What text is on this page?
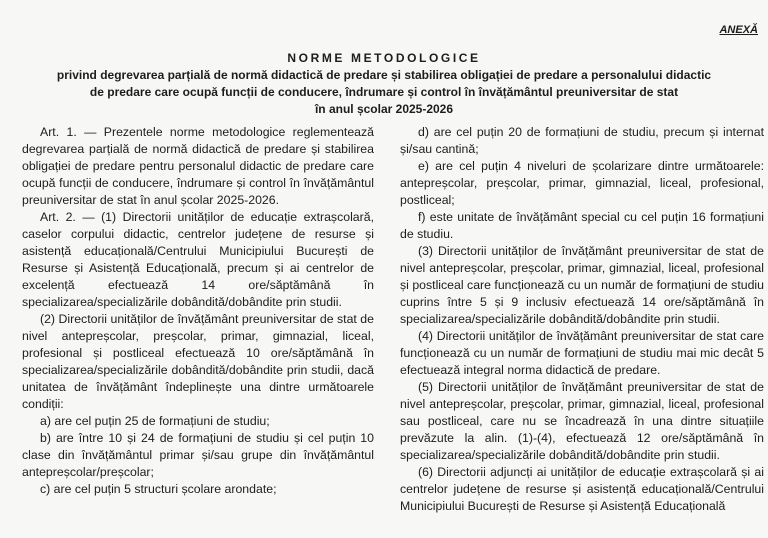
ANEXĂ
NORME METODOLOGICE
privind degrevarea parțială de normă didactică de predare și stabilirea obligației de predare a personalului didactic
de predare care ocupă funcții de conducere, îndrumare și control în învățământul preuniversitar de stat
în anul școlar 2025-2026

Art. 1. — Prezentele norme metodologice reglementează degrevarea parțială de normă didactică de predare și stabilirea obligației de predare pentru personalul didactic de predare care ocupă funcții de conducere, îndrumare și control în învățământul preuniversitar de stat în anul școlar 2025-2026.

Art. 2. — (1) Directorii unităților de educație extrașcolară, caselor corpului didactic, centrelor județene de resurse și asistență educațională/Centrului Municipiului București de Resurse și Asistență Educațională, precum și ai centrelor de excelență efectuează 14 ore/săptămână în specializarea/specializările dobândită/dobândite prin studii.

(2) Directorii unităților de învățământ preuniversitar de stat de nivel antepreșcolar, preșcolar, primar, gimnazial, liceal, profesional și postliceal efectuează 10 ore/săptămână în specializarea/specializările dobândită/dobândite prin studii, dacă unitatea de învățământ îndeplinește una dintre următoarele condiții:

a) are cel puțin 25 de formațiuni de studiu;

b) are între 10 și 24 de formațiuni de studiu și cel puțin 10 clase din învățământul primar și/sau grupe din învățământul antepreșcolar/preșcolar;

c) are cel puțin 5 structuri școlare arondate;

d) are cel puțin 20 de formațiuni de studiu, precum și internat și/sau cantină;

e) are cel puțin 4 niveluri de școlarizare dintre următoarele: antepreșcolar, preșcolar, primar, gimnazial, liceal, profesional, postliceal;

f) este unitate de învățământ special cu cel puțin 16 formațiuni de studiu.

(3) Directorii unităților de învățământ preuniversitar de stat de nivel antepreșcolar, preșcolar, primar, gimnazial, liceal, profesional și postliceal care funcționează cu un număr de formațiuni de studiu cuprins între 5 și 9 inclusiv efectuează 14 ore/săptămână în specializarea/specializările dobândită/dobândite prin studii.

(4) Directorii unităților de învățământ preuniversitar de stat care funcționează cu un număr de formațiuni de studiu mai mic decât 5 efectuează integral norma didactică de predare.

(5) Directorii unităților de învățământ preuniversitar de stat de nivel antepreșcolar, preșcolar, primar, gimnazial, liceal, profesional sau postliceal, care nu se încadrează în una dintre situațiile prevăzute la alin. (1)-(4), efectuează 12 ore/săptămână în specializarea/specializările dobândită/dobândite prin studii.

(6) Directorii adjuncți ai unităților de educație extrașcolară și ai centrelor județene de resurse și asistență educațională/Centrului Municipiului București de Resurse și Asistență Educațională
